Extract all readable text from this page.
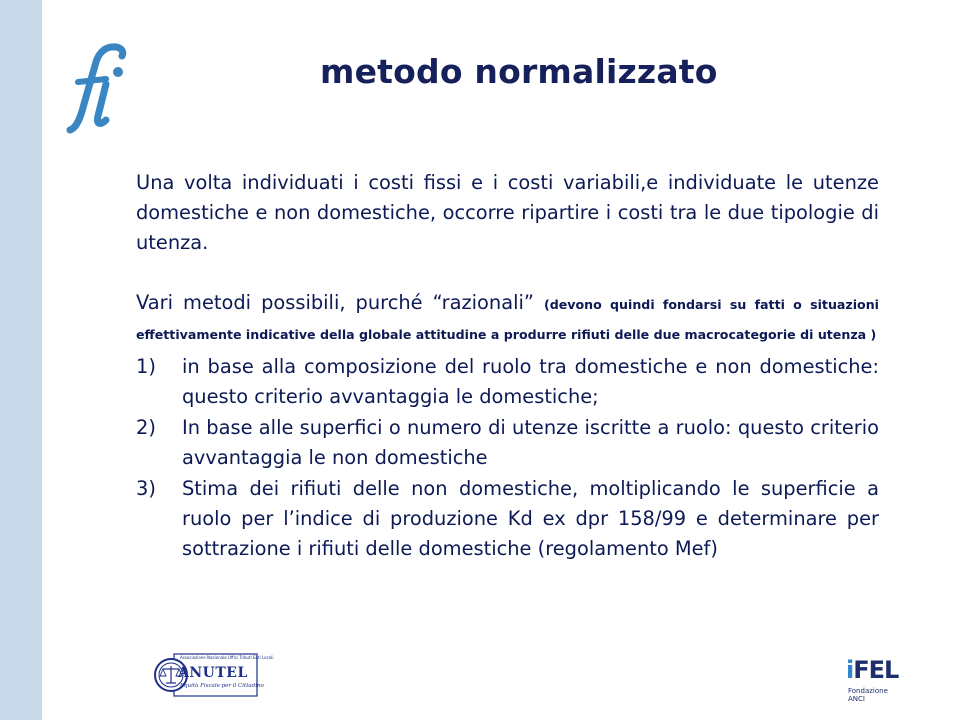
metodo normalizzato

Una volta individuati i costi fissi e i costi variabili,e individuate le utenze domestiche e non domestiche, occorre ripartire i costi tra le due tipologie di utenza.

Vari metodi possibili, purché “razionali” (devono quindi fondarsi su fatti o situazioni effettivamente indicative della globale attitudine a produrre rifiuti delle due macrocategorie di utenza )

1) in base alla composizione del ruolo tra domestiche e non domestiche: questo criterio avvantaggia le domestiche;
2) In base alle superfici o numero di utenze iscritte a ruolo: questo criterio avvantaggia le non domestiche
3) Stima dei rifiuti delle non domestiche, moltiplicando le superficie a ruolo per l’indice di produzione Kd ex dpr 158/99 e determinare per sottrazione i rifiuti delle domestiche (regolamento Mef)
Associazione Nazionale Uffici Tributi Enti Locali
ANUTEL
Equità Fiscale per il Cittadino
iFEL
Fondazione ANCI
